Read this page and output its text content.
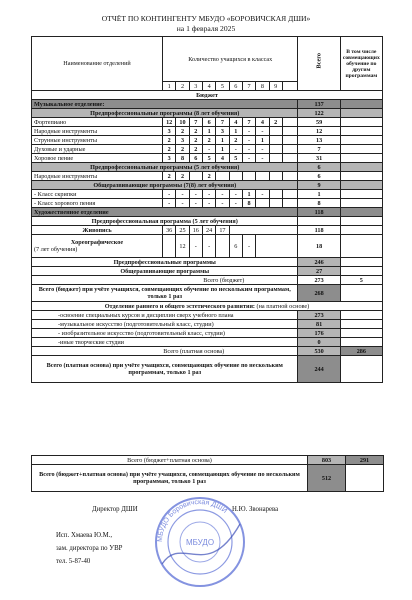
ОТЧЁТ ПО КОНТИНГЕНТУ МБУДО «БОРОВИЧСКАЯ ДШИ»
на 1 февраля 2025
Наименование отделений	Количество учащихся в классах										Всего	В том числе совмещающих обучение по другим программам
	1	2	3	4	5	6	7	8	9			
Бюджет												
Музыкальное отделение:											137	
Предпрофессиональные программы (8 лет обучения)											122	
Фортепиано	12	10	7	6	7	4	7	4	2		59	
Народные инструменты	3	2	2	1	3	1	-	-			12	
Струнные инструменты	2	3	2	2	1	2	-	1			13	
Духовые и ударные	2	2	2	-	1	-	-	-			7	
Хоровое пение	3	8	6	5	4	5	-	-			31	
Предпрофессиональные программы (5 лет обучения)											6	
Народные инструменты	2	2		2							6	
Общеразвивающие программы (7(8) лет обучения)											9	
- Класс скрипки	-	-	-	-	-	-	1	-			1	
- Класс хорового пения	-	-	-	-	-	-	8				8	
Художественное отделение											118	
Предпрофессиональная программа (5 лет обучения)												
Живопись	36	25	16	24	17						118	

Хореографическое
(7 лет обучения)		12	-	-		6	-				18	
Предпрофессиональные программы											246	
Общеразвивающие программы											27	
Всего (бюджет)											273	5
Всего (бюджет) при учёте учащихся, совмещающих обучение по нескольким программам, только 1 раз											268	
Отделение раннего и общего эстетического развития: (на платной основе)												
-освоение специальных курсов и дисциплин сверх учебного плана											273	
-музыкальное искусство (подготовительный класс, студии)											81	
- изобразительное искусство (подготовительный класс, студии)											176	
-иные творческие студии											0	
Всего (платная основа)											530	286
Всего (платная основа) при учёте учащихся, совмещающих обучение по нескольким программам, только 1 раз											244	
Всего (бюджет+платная основа)	803	291
Всего (бюджет+платная основа) при учёте учащихся, совмещающих обучение по нескольким программам, только 1 раз	512	
Директор ДШИ	Н.Ю. Звонарева
Исп. Хмаева Ю.М.,
зам. директора по УВР
тел. 5-87-40
МБУДО Боровичская ДШИ
МБУДО
